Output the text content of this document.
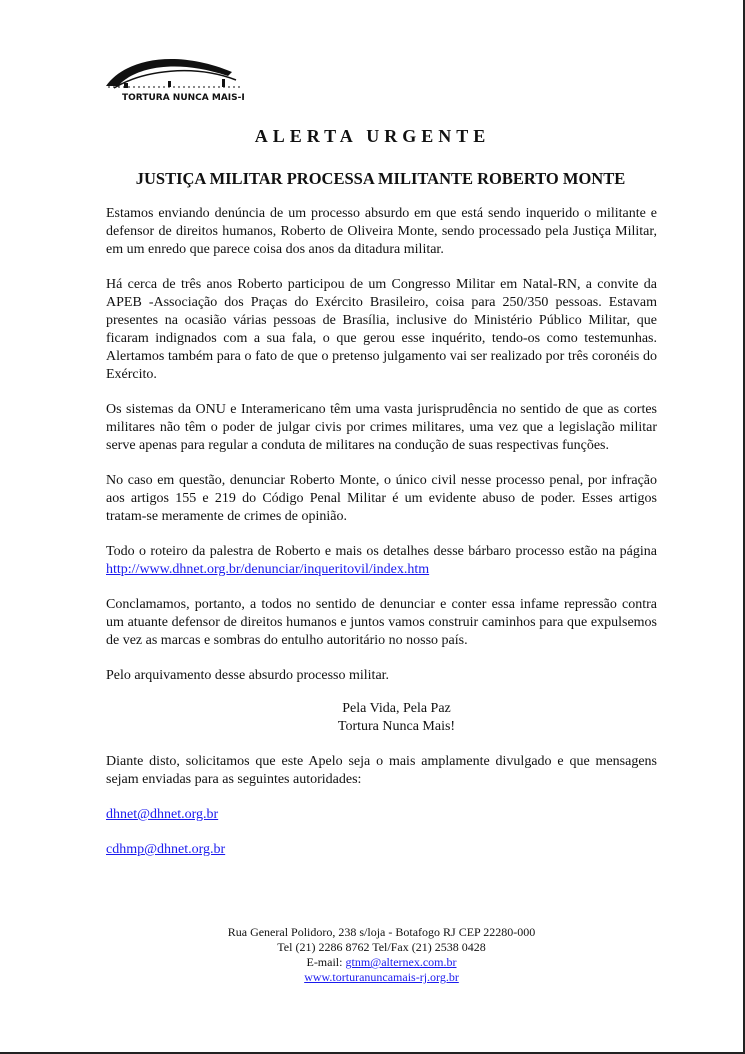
TORTURA NUNCA MAIS-RJ
ALERTA URGENTE
JUSTIÇA MILITAR PROCESSA MILITANTE ROBERTO MONTE

Estamos enviando denúncia de um processo absurdo em que está sendo inquerido o militante e defensor de direitos humanos, Roberto de Oliveira Monte, sendo processado pela Justiça Militar, em um enredo que parece coisa dos anos da ditadura militar.

Há cerca de três anos Roberto participou de um Congresso Militar em Natal-RN, a convite da APEB -Associação dos Praças do Exército Brasileiro, coisa para 250/350 pessoas. Estavam presentes na ocasião várias pessoas de Brasília, inclusive do Ministério Público Militar, que ficaram indignados com a sua fala, o que gerou esse inquérito, tendo-os como testemunhas. Alertamos também para o fato de que o pretenso julgamento vai ser realizado por três coronéis do Exército.

Os sistemas da ONU e Interamericano têm uma vasta jurisprudência no sentido de que as cortes militares não têm o poder de julgar civis por crimes militares, uma vez que a legislação militar serve apenas para regular a conduta de militares na condução de suas respectivas funções.

No caso em questão, denunciar Roberto Monte, o único civil nesse processo penal, por infração aos artigos 155 e 219 do Código Penal Militar é um evidente abuso de poder. Esses artigos tratam-se meramente de crimes de opinião.

Todo o roteiro da palestra de Roberto e mais os detalhes desse bárbaro processo estão na página http://www.dhnet.org.br/denunciar/inqueritovil/index.htm

Conclamamos, portanto, a todos no sentido de denunciar e conter essa infame repressão contra um atuante defensor de direitos humanos e juntos vamos construir caminhos para que expulsemos de vez as marcas e sombras do entulho autoritário no nosso país.

Pelo arquivamento desse absurdo processo militar.

Pela Vida, Pela Paz
Tortura Nunca Mais!

Diante disto, solicitamos que este Apelo seja o mais amplamente divulgado e que mensagens sejam enviadas para as seguintes autoridades:

dhnet@dhnet.org.br

cdhmp@dhnet.org.br

Rua General Polidoro, 238 s/loja - Botafogo RJ CEP 22280-000
Tel (21) 2286 8762 Tel/Fax (21) 2538 0428
E-mail: gtnm@alternex.com.br
www.torturanuncamais-rj.org.br
